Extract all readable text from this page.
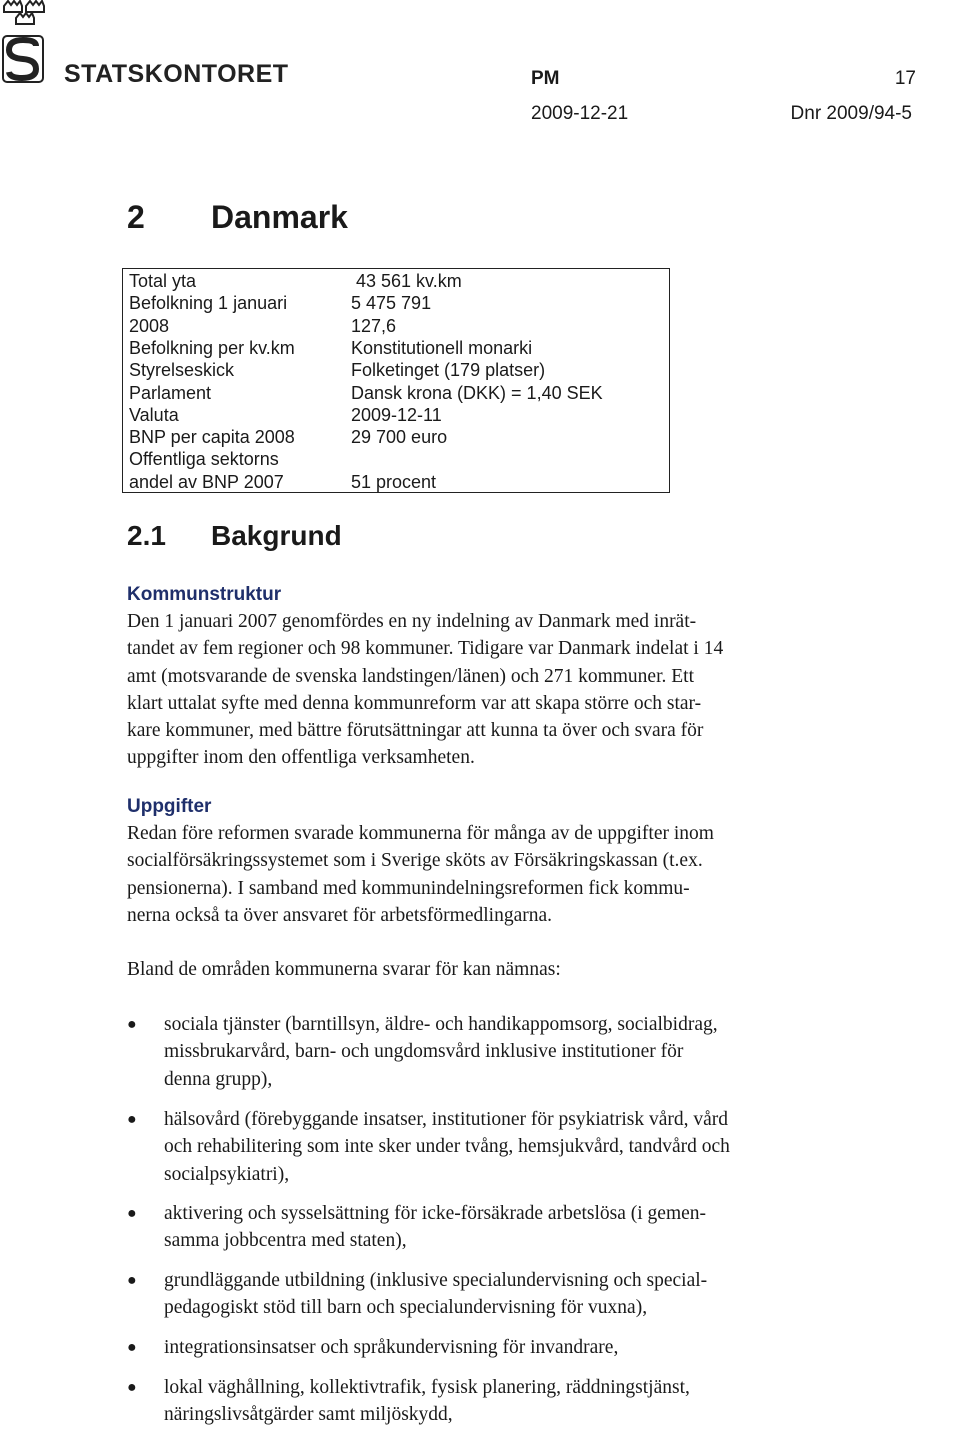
STATSKONTORET	PM	17
2009-12-21	Dnr 2009/94-5
2 Danmark
Total yta	43 561 kv.km
Befolkning 1 januari	5 475 791
2008	127,6
Befolkning per kv.km	Konstitutionell monarki
Styrelseskick	Folketinget (179 platser)
Parlament	Dansk krona (DKK) = 1,40 SEK
Valuta	2009-12-11
BNP per capita 2008	29 700 euro
Offentliga sektorns
andel av BNP 2007	51 procent
2.1 Bakgrund
Kommunstruktur
Den 1 januari 2007 genomfördes en ny indelning av Danmark med inrät-
tandet av fem regioner och 98 kommuner. Tidigare var Danmark indelat i 14
amt (motsvarande de svenska landstingen/länen) och 271 kommuner. Ett
klart uttalat syfte med denna kommunreform var att skapa större och star-
kare kommuner, med bättre förutsättningar att kunna ta över och svara för
uppgifter inom den offentliga verksamheten.
Uppgifter
Redan före reformen svarade kommunerna för många av de uppgifter inom
socialförsäkringssystemet som i Sverige sköts av Försäkringskassan (t.ex.
pensionerna). I samband med kommunindelningsreformen fick kommu-
nerna också ta över ansvaret för arbetsförmedlingarna.
Bland de områden kommunerna svarar för kan nämnas:
● sociala tjänster (barntillsyn, äldre- och handikappomsorg, socialbidrag,
missbrukarvård, barn- och ungdomsvård inklusive institutioner för
denna grupp),
● hälsovård (förebyggande insatser, institutioner för psykiatrisk vård, vård
och rehabilitering som inte sker under tvång, hemsjukvård, tandvård och
socialpsykiatri),
● aktivering och sysselsättning för icke-försäkrade arbetslösa (i gemen-
samma jobbcentra med staten),
● grundläggande utbildning (inklusive specialundervisning och special-
pedagogiskt stöd till barn och specialundervisning för vuxna),
● integrationsinsatser och språkundervisning för invandrare,
● lokal väghållning, kollektivtrafik, fysisk planering, räddningstjänst,
näringslivsåtgärder samt miljöskydd,
